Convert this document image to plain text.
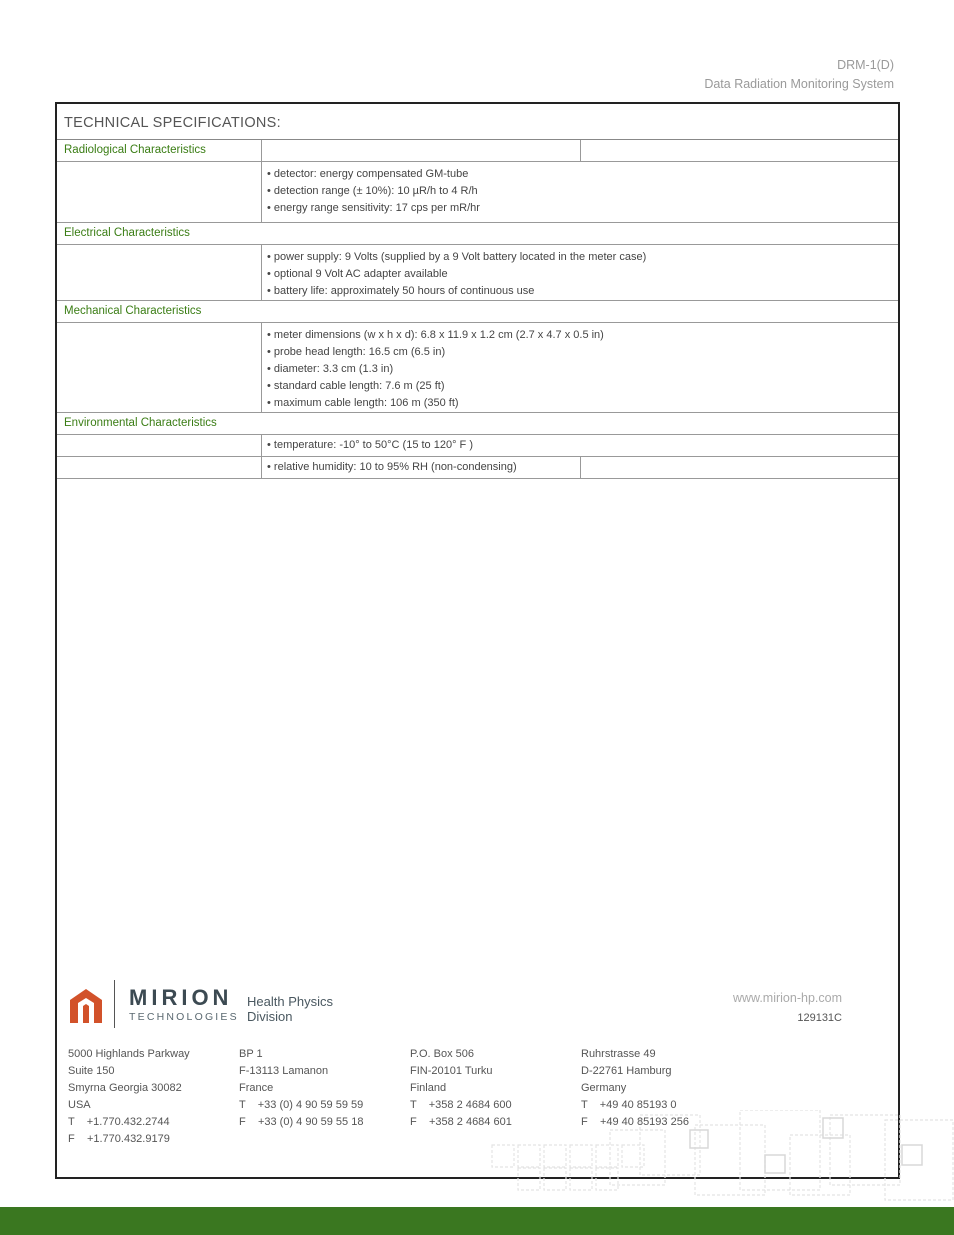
DRM-1(D)
Data Radiation Monitoring System
TECHNICAL SPECIFICATIONS:
Radiological Characteristics
• detector: energy compensated GM-tube
• detection range (± 10%): 10 µR/h to 4 R/h
• energy range sensitivity: 17 cps per mR/hr
Electrical Characteristics
• power supply: 9 Volts (supplied by a 9 Volt battery located in the meter case)
• optional 9 Volt AC adapter available
• battery life: approximately 50 hours of continuous use
Mechanical Characteristics
• meter dimensions (w x h x d): 6.8 x 11.9 x 1.2 cm (2.7 x 4.7 x 0.5 in)
• probe head length: 16.5 cm (6.5 in)
• diameter: 3.3 cm (1.3 in)
• standard cable length: 7.6 m (25 ft)
• maximum cable length: 106 m (350 ft)
Environmental Characteristics
• temperature: -10° to 50°C (15 to 120° F )
• relative humidity: 10 to 95% RH (non-condensing)
MIRION
TECHNOLOGIES
Health Physics
Division
www.mirion-hp.com
129131C
5000 Highlands Parkway
Suite 150
Smyrna Georgia 30082
USA
T    +1.770.432.2744
F    +1.770.432.9179
BP 1
F-13113 Lamanon
France
T    +33 (0) 4 90 59 59 59
F    +33 (0) 4 90 59 55 18
P.O. Box 506
FIN-20101 Turku
Finland
T    +358 2 4684 600
F    +358 2 4684 601
Ruhrstrasse 49
D-22761 Hamburg
Germany
T    +49 40 85193 0
F    +49 40 85193 256
